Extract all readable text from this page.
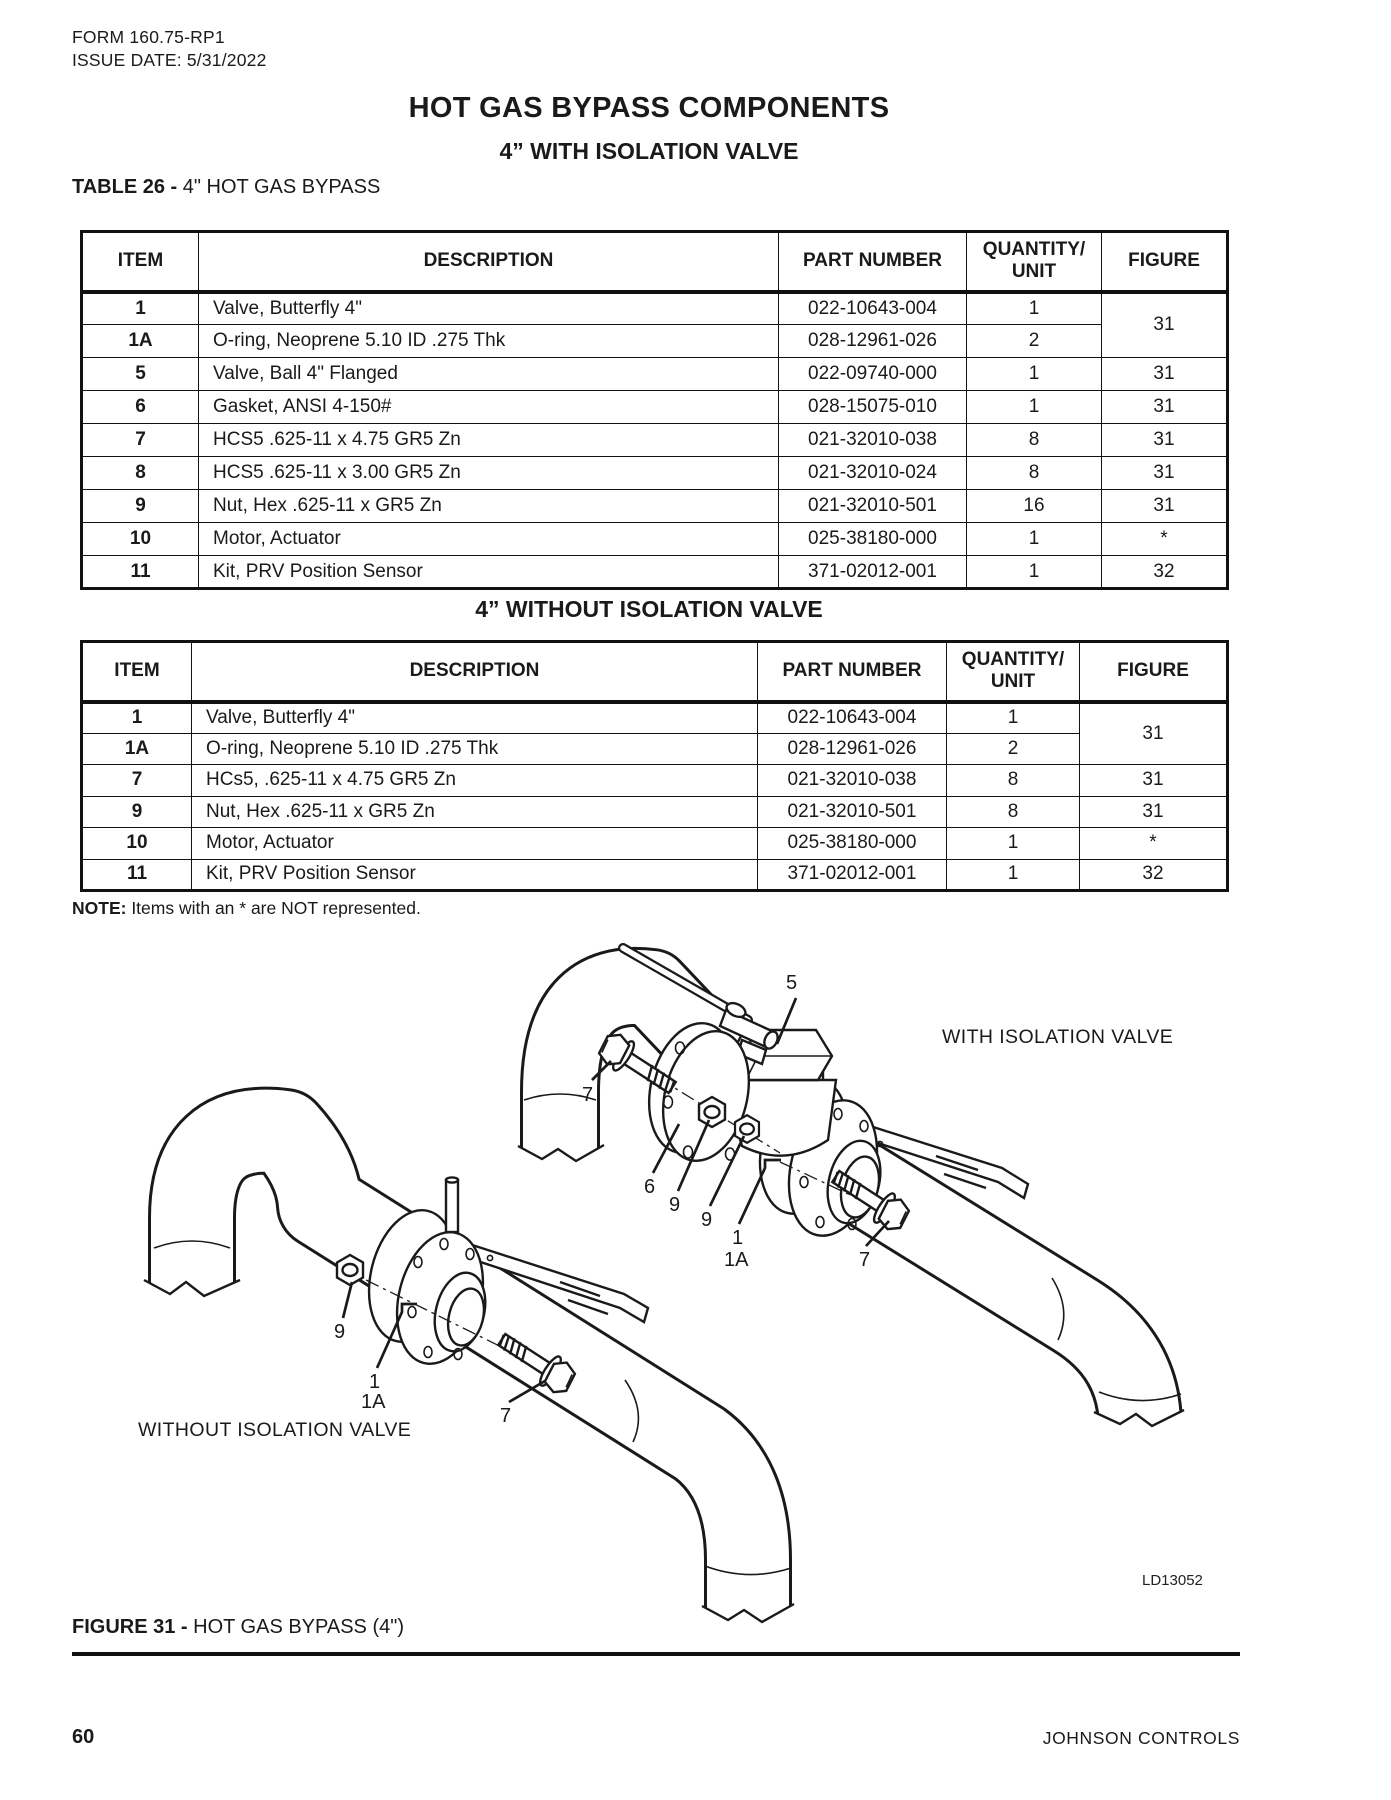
FORM 160.75-RP1
ISSUE DATE: 5/31/2022
HOT GAS BYPASS COMPONENTS
4” WITH ISOLATION VALVE
TABLE 26 - 4" HOT GAS BYPASS
ITEM	DESCRIPTION	PART NUMBER	QUANTITY/ UNIT	FIGURE
1	Valve, Butterfly 4"	022-10643-004	1	31
1A	O-ring, Neoprene 5.10 ID .275 Thk	028-12961-026	2	
5	Valve, Ball 4" Flanged	022-09740-000	1	31
6	Gasket, ANSI 4-150#	028-15075-010	1	31
7	HCS5 .625-11 x 4.75 GR5 Zn	021-32010-038	8	31
8	HCS5 .625-11 x 3.00 GR5 Zn	021-32010-024	8	31
9	Nut, Hex .625-11 x GR5 Zn	021-32010-501	16	31
10	Motor, Actuator	025-38180-000	1	*
11	Kit, PRV Position Sensor	371-02012-001	1	32
4” WITHOUT ISOLATION VALVE
ITEM	DESCRIPTION	PART NUMBER	QUANTITY/ UNIT	FIGURE
1	Valve, Butterfly 4"	022-10643-004	1	31
1A	O-ring, Neoprene 5.10 ID .275 Thk	028-12961-026	2	
7	HCs5, .625-11 x 4.75 GR5 Zn	021-32010-038	8	31
9	Nut, Hex .625-11 x GR5 Zn	021-32010-501	8	31
10	Motor, Actuator	025-38180-000	1	*
11	Kit, PRV Position Sensor	371-02012-001	1	32
NOTE: Items with an * are NOT represented.
5
WITH ISOLATION VALVE
7
6
9
9
1
1A	7
9
1
1A
7
WITHOUT ISOLATION VALVE
LD13052
FIGURE 31 - HOT GAS BYPASS (4")
60	JOHNSON CONTROLS
